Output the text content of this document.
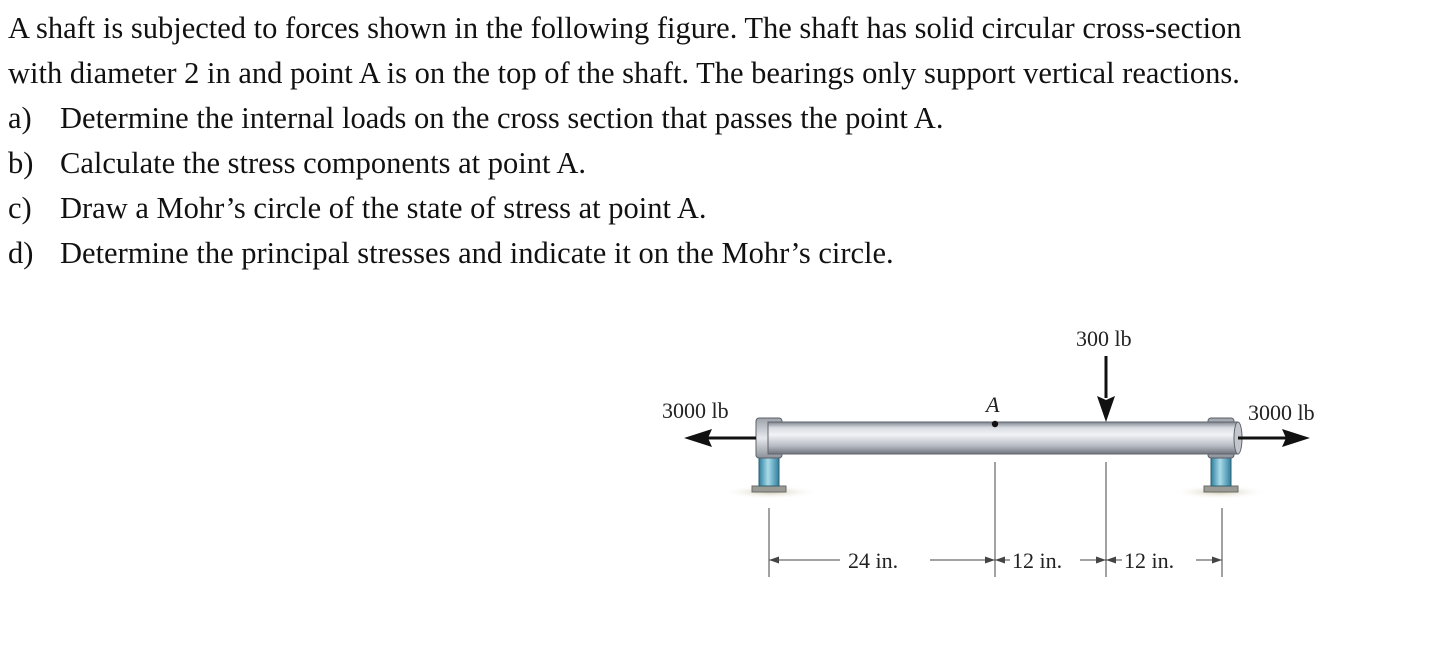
A shaft is subjected to forces shown in the following figure. The shaft has solid circular cross-section

with diameter 2 in and point A is on the top of the shaft. The bearings only support vertical reactions.

a) Determine the internal loads on the cross section that passes the point A.
b) Calculate the stress components at point A.
c) Draw a Mohr’s circle of the state of stress at point A.
d) Determine the principal stresses and indicate it on the Mohr’s circle.
A
3000 lb	3000 lb
300 lb
24 in.	12 in.	12 in.
